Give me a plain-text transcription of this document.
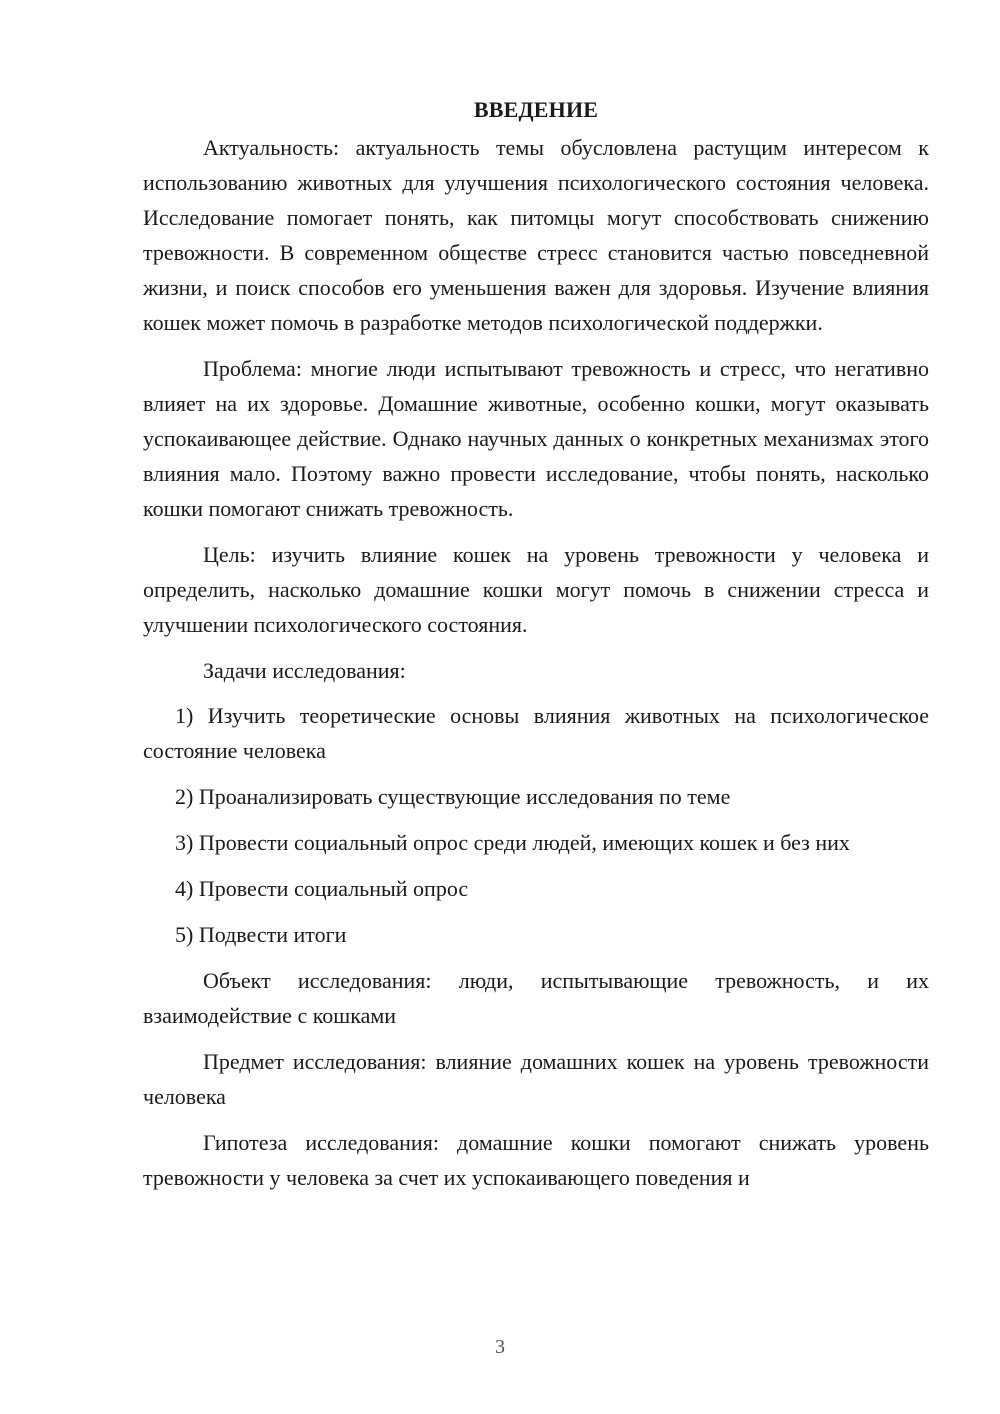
ВВЕДЕНИЕ

Актуальность: актуальность темы обусловлена растущим интересом к использованию животных для улучшения психологического состояния человека. Исследование помогает понять, как питомцы могут способствовать снижению тревожности. В современном обществе стресс становится частью повседневной жизни, и поиск способов его уменьшения важен для здоровья. Изучение влияния кошек может помочь в разработке методов психологической поддержки.

Проблема: многие люди испытывают тревожность и стресс, что негативно влияет на их здоровье. Домашние животные, особенно кошки, могут оказывать успокаивающее действие. Однако научных данных о конкретных механизмах этого влияния мало. Поэтому важно провести исследование, чтобы понять, насколько кошки помогают снижать тревожность.

Цель: изучить влияние кошек на уровень тревожности у человека и определить, насколько домашние кошки могут помочь в снижении стресса и улучшении психологического состояния.

Задачи исследования:

1) Изучить теоретические основы влияния животных на психологическое состояние человека

2) Проанализировать существующие исследования по теме

3) Провести социальный опрос среди людей, имеющих кошек и без них

4) Провести социальный опрос

5) Подвести итоги

Объект исследования: люди, испытывающие тревожность, и их взаимодействие с кошками

Предмет исследования: влияние домашних кошек на уровень тревожности человека

Гипотеза исследования: домашние кошки помогают снижать уровень тревожности у человека за счет их успокаивающего поведения и

3
